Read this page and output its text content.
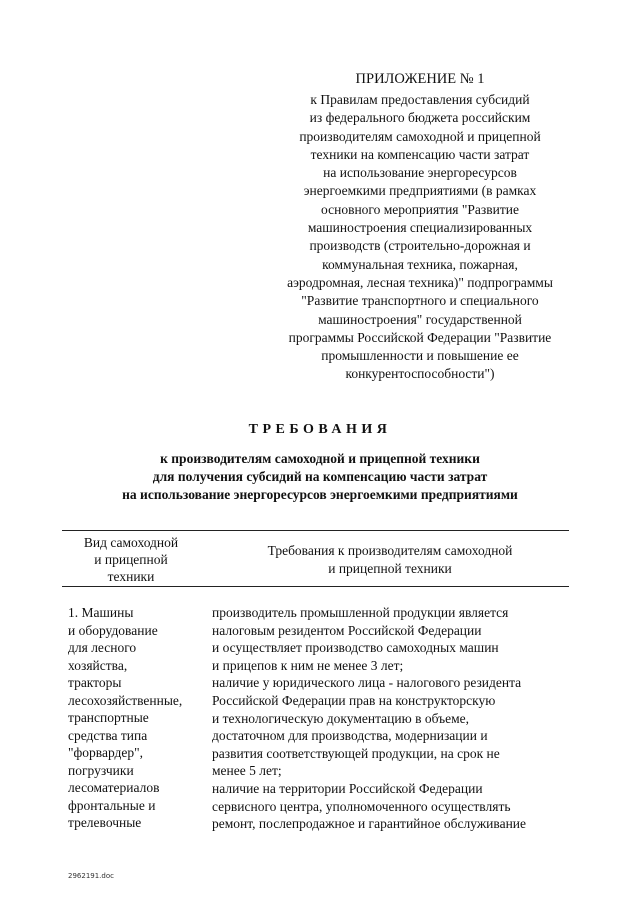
ПРИЛОЖЕНИЕ № 1
к Правилам предоставления субсидий
из федерального бюджета российским
производителям самоходной и прицепной
техники на компенсацию части затрат
на использование энергоресурсов
энергоемкими предприятиями (в рамках
основного мероприятия "Развитие
машиностроения специализированных
производств (строительно-дорожная и
коммунальная техника, пожарная,
аэродромная, лесная техника)" подпрограммы
"Развитие транспортного и специального
машиностроения" государственной
программы Российской Федерации "Развитие
промышленности и повышение ее
конкурентоспособности")
ТРЕБОВАНИЯ
к производителям самоходной и прицепной техники
для получения субсидий на компенсацию части затрат
на использование энергоресурсов энергоемкими предприятиями
Вид самоходной
и прицепной
техники
Требования к производителям самоходной
и прицепной техники
1. Машины
и оборудование
для лесного
хозяйства,
тракторы
лесохозяйственные,
транспортные
средства типа
"форвардер",
погрузчики
лесоматериалов
фронтальные и
трелевочные
производитель промышленной продукции является
налоговым резидентом Российской Федерации
и осуществляет производство самоходных машин
и прицепов к ним не менее 3 лет;
наличие у юридического лица - налогового резидента
Российской Федерации прав на конструкторскую
и технологическую документацию в объеме,
достаточном для производства, модернизации и
развития соответствующей продукции, на срок не
менее 5 лет;
наличие на территории Российской Федерации
сервисного центра, уполномоченного осуществлять
ремонт, послепродажное и гарантийное обслуживание
2962191.doc
